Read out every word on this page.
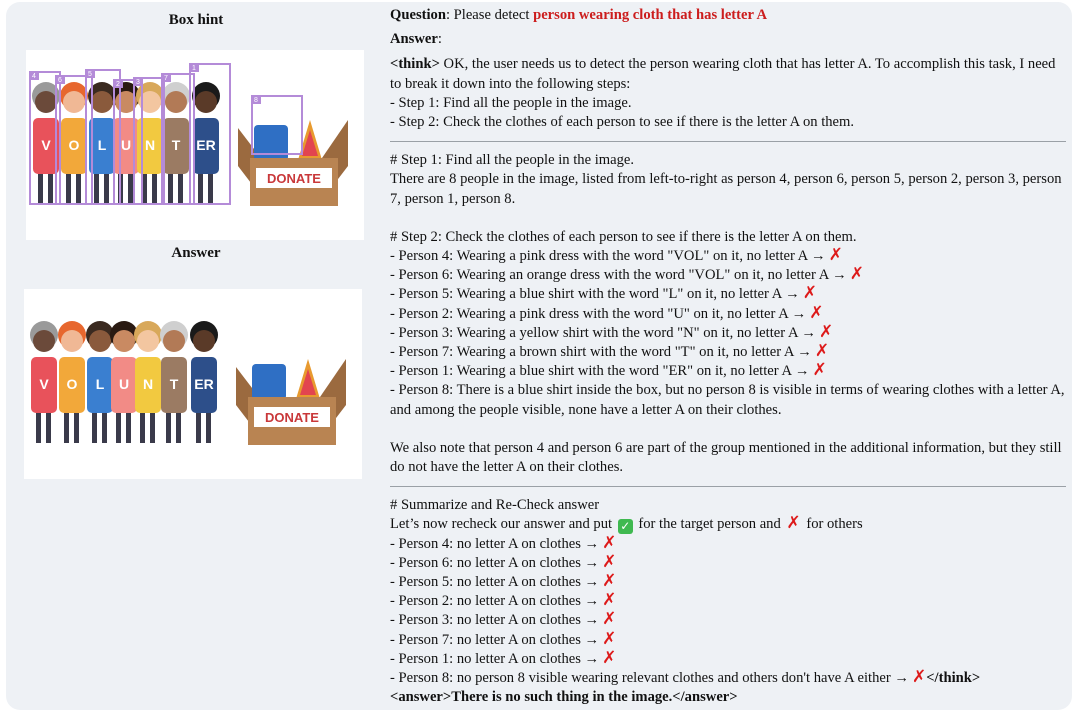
Box hint
V O L U N T ER
DONATE
4
6
5
2 3
7
1
8
Answer
V O L U N T ER
DONATE

Question: Please detect person wearing cloth that has letter A

Answer:

<think> OK, the user needs us to detect the person wearing cloth that has letter A. To accomplish this task, I need to break it down into the following steps:

- Step 1: Find all the people in the image.

- Step 2: Check the clothes of each person to see if there is the letter A on them.

# Step 1: Find all the people in the image.

There are 8 people in the image, listed from left-to-right as person 4, person 6, person 5, person 2, person 3, person 7, person 1, person 8.

# Step 2: Check the clothes of each person to see if there is the letter A on them.

- Person 4: Wearing a pink dress with the word "VOL" on it, no letter A → ✗

- Person 6: Wearing an orange dress with the word "VOL" on it, no letter A → ✗

- Person 5: Wearing a blue shirt with the word "L" on it, no letter A → ✗

- Person 2: Wearing a pink dress with the word "U" on it, no letter A → ✗

- Person 3: Wearing a yellow shirt with the word "N" on it, no letter A → ✗

- Person 7: Wearing a brown shirt with the word "T" on it, no letter A → ✗

- Person 1: Wearing a blue shirt with the word "ER" on it, no letter A → ✗

- Person 8: There is a blue shirt inside the box, but no person 8 is visible in terms of wearing clothes with a letter A, and among the people visible, none have a letter A on their clothes.

We also note that person 4 and person 6 are part of the group mentioned in the additional information, but they still do not have the letter A on their clothes.

# Summarize and Re-Check answer

Let’s now recheck our answer and put ✓ for the target person and ✗ for others

- Person 4: no letter A on clothes → ✗

- Person 6: no letter A on clothes → ✗

- Person 5: no letter A on clothes → ✗

- Person 2: no letter A on clothes → ✗

- Person 3: no letter A on clothes → ✗

- Person 7: no letter A on clothes → ✗

- Person 1: no letter A on clothes → ✗

- Person 8: no person 8 visible wearing relevant clothes and others don't have A either → ✗</think>

<answer>There is no such thing in the image.</answer>
